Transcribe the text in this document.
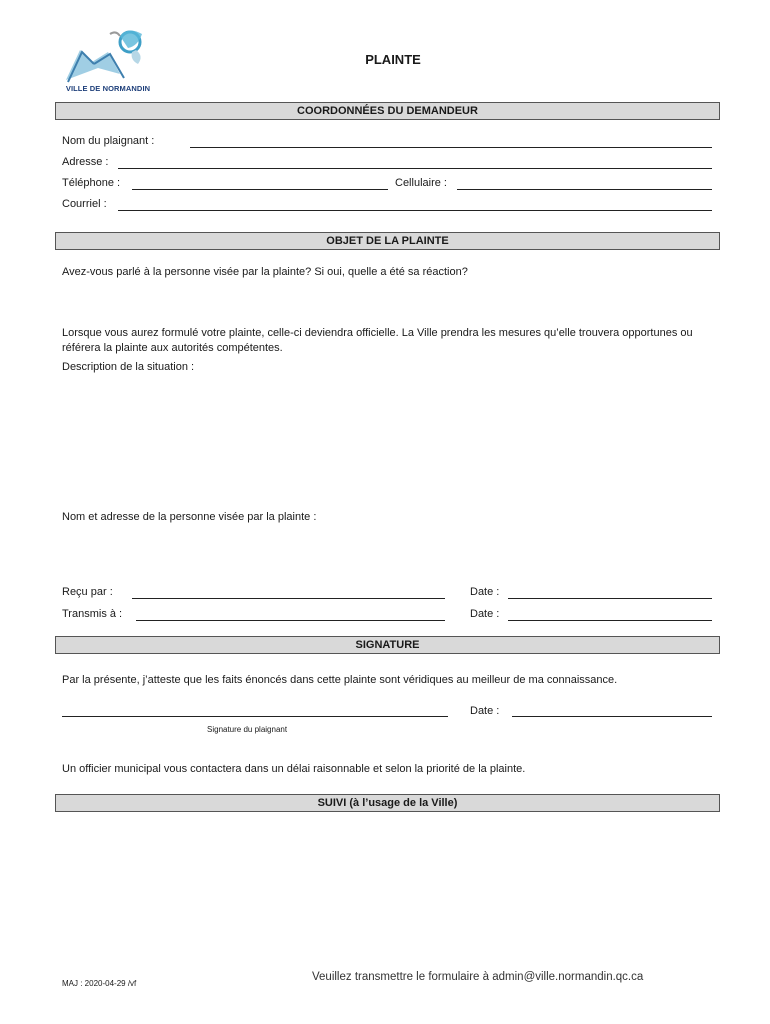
VILLE DE NORMANDIN
PLAINTE
COORDONNÉES DU DEMANDEUR
Nom du plaignant :
Adresse :
Téléphone :	Cellulaire :
Courriel :
OBJET DE LA PLAINTE
Avez-vous parlé à la personne visée par la plainte? Si oui, quelle a été sa réaction?
Lorsque vous aurez formulé votre plainte, celle-ci deviendra officielle. La Ville prendra les mesures qu’elle trouvera opportunes ou référera la plainte aux autorités compétentes.
Description de la situation :
Nom et adresse de la personne visée par la plainte :
Reçu par :	Date :
Transmis à :	Date :
SIGNATURE
Par la présente, j’atteste que les faits énoncés dans cette plainte sont véridiques au meilleur de ma connaissance.
Date :
Signature du plaignant
Un officier municipal vous contactera dans un délai raisonnable et selon la priorité de la plainte.
SUIVI (à l’usage de la Ville)
MAJ : 2020-04-29 /vf
Veuillez transmettre le formulaire à admin@ville.normandin.qc.ca
